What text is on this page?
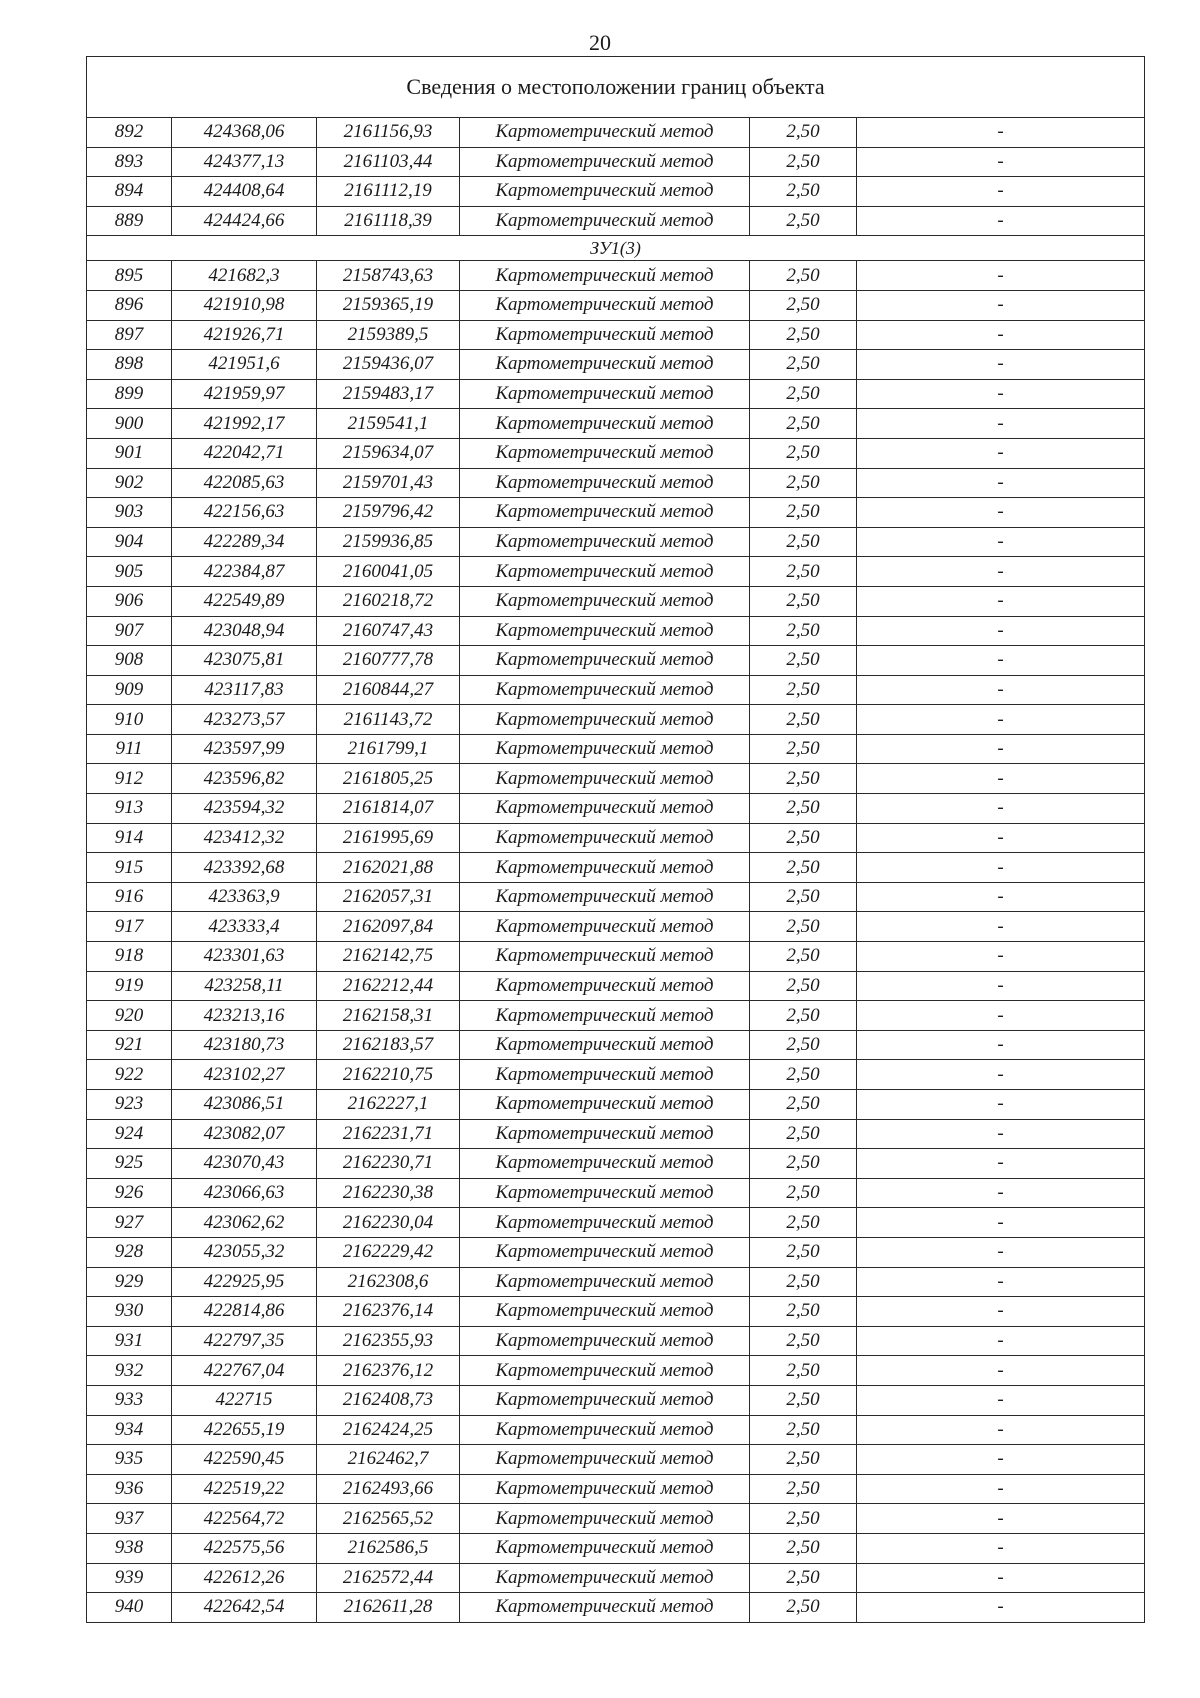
20
Сведения о местоположении границ объекта					
892	424368,06	2161156,93	Картометрический метод	2,50	-
893	424377,13	2161103,44	Картометрический метод	2,50	-
894	424408,64	2161112,19	Картометрический метод	2,50	-
889	424424,66	2161118,39	Картометрический метод	2,50	-
ЗУ1(3)					
895	421682,3	2158743,63	Картометрический метод	2,50	-
896	421910,98	2159365,19	Картометрический метод	2,50	-
897	421926,71	2159389,5	Картометрический метод	2,50	-
898	421951,6	2159436,07	Картометрический метод	2,50	-
899	421959,97	2159483,17	Картометрический метод	2,50	-
900	421992,17	2159541,1	Картометрический метод	2,50	-
901	422042,71	2159634,07	Картометрический метод	2,50	-
902	422085,63	2159701,43	Картометрический метод	2,50	-
903	422156,63	2159796,42	Картометрический метод	2,50	-
904	422289,34	2159936,85	Картометрический метод	2,50	-
905	422384,87	2160041,05	Картометрический метод	2,50	-
906	422549,89	2160218,72	Картометрический метод	2,50	-
907	423048,94	2160747,43	Картометрический метод	2,50	-
908	423075,81	2160777,78	Картометрический метод	2,50	-
909	423117,83	2160844,27	Картометрический метод	2,50	-
910	423273,57	2161143,72	Картометрический метод	2,50	-
911	423597,99	2161799,1	Картометрический метод	2,50	-
912	423596,82	2161805,25	Картометрический метод	2,50	-
913	423594,32	2161814,07	Картометрический метод	2,50	-
914	423412,32	2161995,69	Картометрический метод	2,50	-
915	423392,68	2162021,88	Картометрический метод	2,50	-
916	423363,9	2162057,31	Картометрический метод	2,50	-
917	423333,4	2162097,84	Картометрический метод	2,50	-
918	423301,63	2162142,75	Картометрический метод	2,50	-
919	423258,11	2162212,44	Картометрический метод	2,50	-
920	423213,16	2162158,31	Картометрический метод	2,50	-
921	423180,73	2162183,57	Картометрический метод	2,50	-
922	423102,27	2162210,75	Картометрический метод	2,50	-
923	423086,51	2162227,1	Картометрический метод	2,50	-
924	423082,07	2162231,71	Картометрический метод	2,50	-
925	423070,43	2162230,71	Картометрический метод	2,50	-
926	423066,63	2162230,38	Картометрический метод	2,50	-
927	423062,62	2162230,04	Картометрический метод	2,50	-
928	423055,32	2162229,42	Картометрический метод	2,50	-
929	422925,95	2162308,6	Картометрический метод	2,50	-
930	422814,86	2162376,14	Картометрический метод	2,50	-
931	422797,35	2162355,93	Картометрический метод	2,50	-
932	422767,04	2162376,12	Картометрический метод	2,50	-
933	422715	2162408,73	Картометрический метод	2,50	-
934	422655,19	2162424,25	Картометрический метод	2,50	-
935	422590,45	2162462,7	Картометрический метод	2,50	-
936	422519,22	2162493,66	Картометрический метод	2,50	-
937	422564,72	2162565,52	Картометрический метод	2,50	-
938	422575,56	2162586,5	Картометрический метод	2,50	-
939	422612,26	2162572,44	Картометрический метод	2,50	-
940	422642,54	2162611,28	Картометрический метод	2,50	-
